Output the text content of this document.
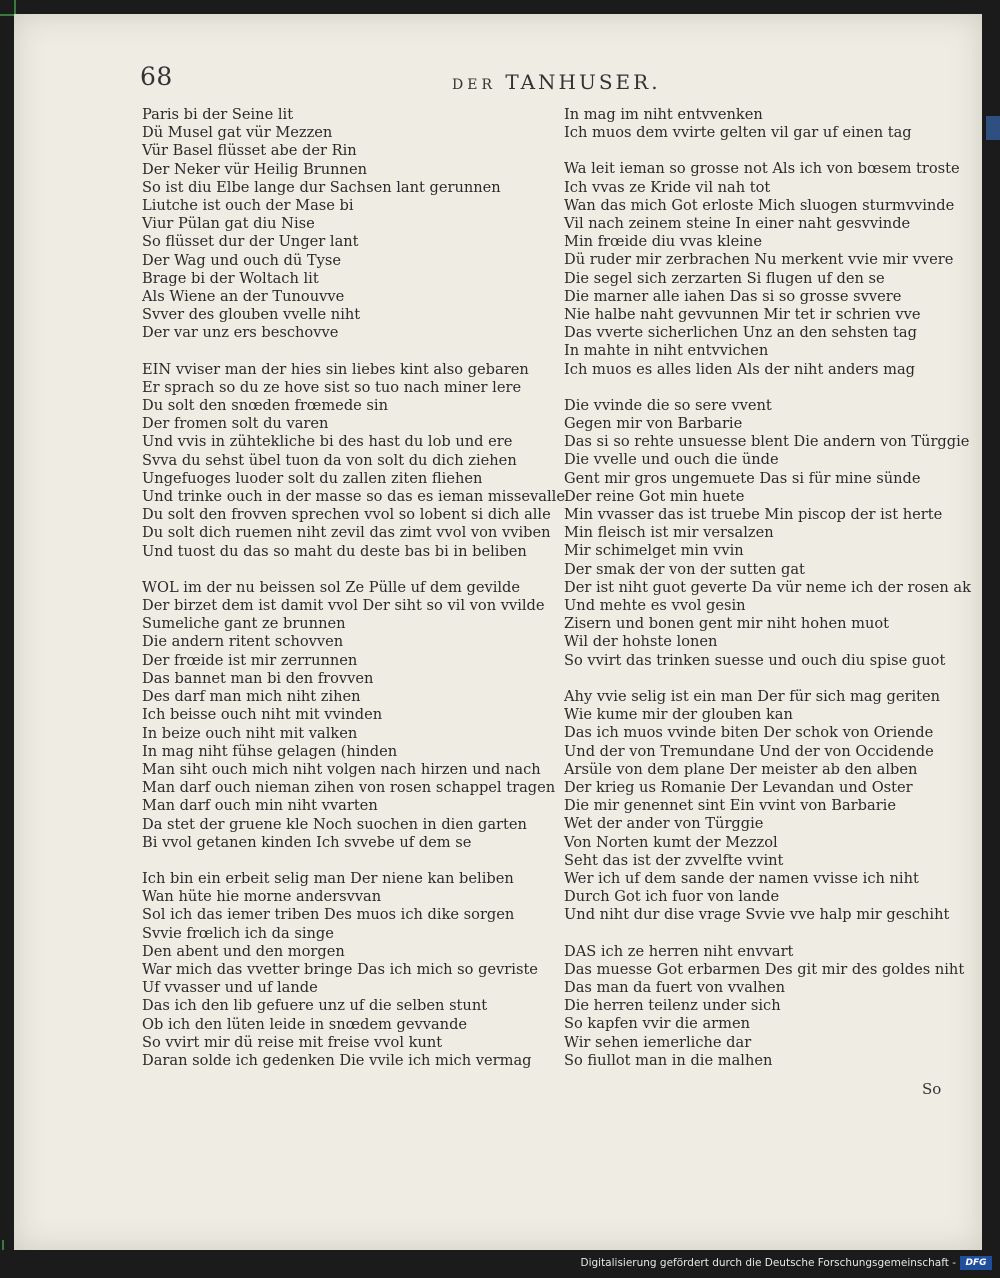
68	DER TANHUSER.
Paris bi der Seine lit
Dü Musel gat vür Mezzen
Vür Basel flüsset abe der Rin
Der Neker vür Heilig Brunnen
So ist diu Elbe lange dur Sachsen lant gerunnen
Liutche ist ouch der Mase bi
Viur Pülan gat diu Nise
So flüsset dur der Unger lant
Der Wag und ouch dü Tyse
Brage bi der Woltach lit
Als Wiene an der Tunouvve
Svver des glouben vvelle niht
Der var unz ers beschovve
EIN vviser man der hies sin liebes kint also gebaren
Er sprach so du ze hove sist so tuo nach miner lere
Du solt den snœden frœmede sin
Der fromen solt du varen
Und vvis in zühtekliche bi des hast du lob und ere
Svva du sehst übel tuon da von solt du dich ziehen
Ungefuoges luoder solt du zallen ziten fliehen
Und trinke ouch in der masse so das es ieman missevalle
Du solt den frovven sprechen vvol so lobent si dich alle
Du solt dich ruemen niht zevil das zimt vvol von vviben
Und tuost du das so maht du deste bas bi in beliben
WOL im der nu beissen sol Ze Pülle uf dem gevilde
Der birzet dem ist damit vvol Der siht so vil von vvilde
Sumeliche gant ze brunnen
Die andern ritent schovven
Der frœide ist mir zerrunnen
Das bannet man bi den frovven
Des darf man mich niht zihen
Ich beisse ouch niht mit vvinden
In beize ouch niht mit valken
In mag niht fühse gelagen (hinden
Man siht ouch mich niht volgen nach hirzen und nach
Man darf ouch nieman zihen von rosen schappel tragen
Man darf ouch min niht vvarten
Da stet der gruene kle Noch suochen in dien garten
Bi vvol getanen kinden Ich svvebe uf dem se
Ich bin ein erbeit selig man Der niene kan beliben
Wan hüte hie morne andersvvan
Sol ich das iemer triben Des muos ich dike sorgen
Svvie frœlich ich da singe
Den abent und den morgen
War mich das vvetter bringe Das ich mich so gevriste
Uf vvasser und uf lande
Das ich den lib gefuere unz uf die selben stunt
Ob ich den lüten leide in snœdem gevvande
So vvirt mir dü reise mit freise vvol kunt
Daran solde ich gedenken Die vvile ich mich vermag
In mag im niht entvvenken
Ich muos dem vvirte gelten vil gar uf einen tag
Wa leit ieman so grosse not Als ich von bœsem troste
Ich vvas ze Kride vil nah tot
Wan das mich Got erloste Mich sluogen sturmvvinde
Vil nach zeinem steine In einer naht gesvvinde
Min frœide diu vvas kleine
Dü ruder mir zerbrachen Nu merkent vvie mir vvere
Die segel sich zerzarten Si flugen uf den se
Die marner alle iahen Das si so grosse svvere
Nie halbe naht gevvunnen Mir tet ir schrien vve
Das vverte sicherlichen Unz an den sehsten tag
In mahte in niht entvvichen
Ich muos es alles liden Als der niht anders mag
Die vvinde die so sere vvent
Gegen mir von Barbarie
Das si so rehte unsuesse blent Die andern von Türggie
Die vvelle und ouch die ünde
Gent mir gros ungemuete Das si für mine sünde
Der reine Got min huete
Min vvasser das ist truebe Min piscop der ist herte
Min fleisch ist mir versalzen
Mir schimelget min vvin
Der smak der von der sutten gat
Der ist niht guot geverte Da vür neme ich der rosen ak
Und mehte es vvol gesin
Zisern und bonen gent mir niht hohen muot
Wil der hohste lonen
So vvirt das trinken suesse und ouch diu spise guot
Ahy vvie selig ist ein man Der für sich mag geriten
Wie kume mir der glouben kan
Das ich muos vvinde biten Der schok von Oriende
Und der von Tremundane Und der von Occidende
Arsüle von dem plane Der meister ab den alben
Der krieg us Romanie Der Levandan und Oster
Die mir genennet sint Ein vvint von Barbarie
Wet der ander von Türggie
Von Norten kumt der Mezzol
Seht das ist der zvvelfte vvint
Wer ich uf dem sande der namen vvisse ich niht
Durch Got ich fuor von lande
Und niht dur dise vrage Svvie vve halp mir geschiht
DAS ich ze herren niht envvart
Das muesse Got erbarmen Des git mir des goldes niht
Das man da fuert von vvalhen
Die herren teilenz under sich
So kapfen vvir die armen
Wir sehen iemerliche dar
So fiullot man in die malhen
So
Digitalisierung gefördert durch die Deutsche Forschungsgemeinschaft -	DFG
